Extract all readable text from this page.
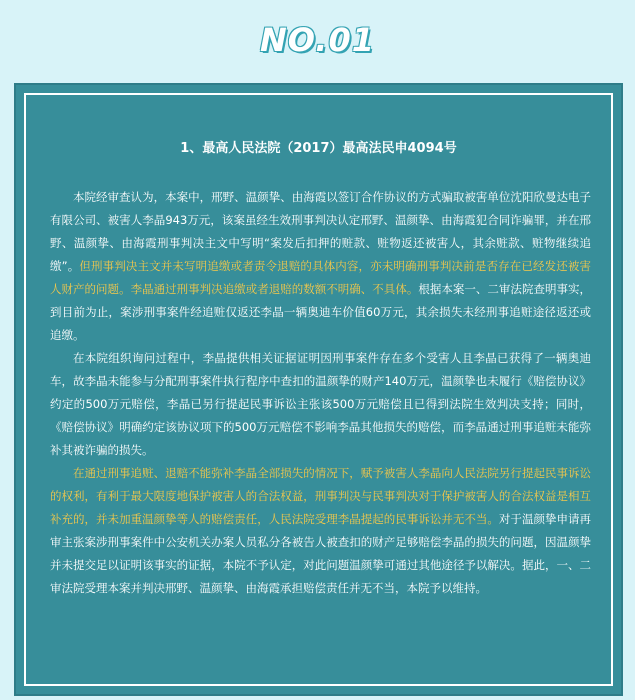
NO.01
1、最高人民法院（2017）最高法民申4094号

本院经审查认为，本案中，邢野、温颜挚、由海霞以签订合作协议的方式骗取被害单位沈阳欣曼达电子有限公司、被害人李晶943万元，该案虽经生效刑事判决认定邢野、温颜挚、由海霞犯合同诈骗罪，并在邢野、温颜挚、由海霞刑事判决主文中写明“案发后扣押的赃款、赃物返还被害人，其余赃款、赃物继续追缴”。但刑事判决主文并未写明追缴或者责令退赔的具体内容，亦未明确刑事判决前是否存在已经发还被害人财产的问题。李晶通过刑事判决追缴或者退赔的数额不明确、不具体。根据本案一、二审法院查明事实，到目前为止，案涉刑事案件经追赃仅返还李晶一辆奥迪车价值60万元，其余损失未经刑事追赃途径返还或追缴。

在本院组织询问过程中，李晶提供相关证据证明因刑事案件存在多个受害人且李晶已获得了一辆奥迪车，故李晶未能参与分配刑事案件执行程序中查扣的温颜挚的财产140万元，温颜挚也未履行《赔偿协议》约定的500万元赔偿，李晶已另行提起民事诉讼主张该500万元赔偿且已得到法院生效判决支持；同时，《赔偿协议》明确约定该协议项下的500万元赔偿不影响李晶其他损失的赔偿，而李晶通过刑事追赃未能弥补其被诈骗的损失。

在通过刑事追赃、退赔不能弥补李晶全部损失的情况下，赋予被害人李晶向人民法院另行提起民事诉讼的权利，有利于最大限度地保护被害人的合法权益，刑事判决与民事判决对于保护被害人的合法权益是相互补充的，并未加重温颜挚等人的赔偿责任，人民法院受理李晶提起的民事诉讼并无不当。对于温颜挚申请再审主张案涉刑事案件中公安机关办案人员私分各被告人被查扣的财产足够赔偿李晶的损失的问题，因温颜挚并未提交足以证明该事实的证据，本院不予认定，对此问题温颜挚可通过其他途径予以解决。据此，一、二审法院受理本案并判决邢野、温颜挚、由海霞承担赔偿责任并无不当，本院予以维持。
